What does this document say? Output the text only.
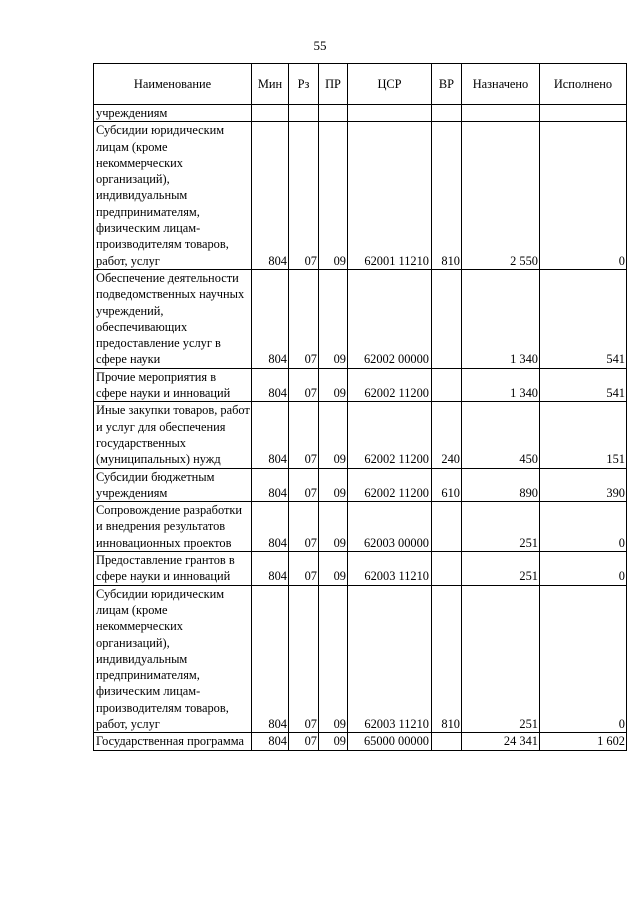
55
Наименование	Мин	Рз	ПР	ЦСР	ВР	Назначено	Исполнено
учреждениям							
Субсидии юридическим лицам (кроме некоммерческих организаций), индивидуальным предпринимателям, физическим лицам-производителям товаров, работ, услуг	804	07	09	62001 11210	810	2 550	0
Обеспечение деятельности подведомственных научных учреждений, обеспечивающих предоставление услуг в сфере науки	804	07	09	62002 00000		1 340	541
Прочие мероприятия в сфере науки и инноваций	804	07	09	62002 11200		1 340	541
Иные закупки товаров, работ и услуг для обеспечения государственных (муниципальных) нужд	804	07	09	62002 11200	240	450	151
Субсидии бюджетным учреждениям	804	07	09	62002 11200	610	890	390
Сопровождение разработки и внедрения результатов инновационных проектов	804	07	09	62003 00000		251	0
Предоставление грантов в сфере науки и инноваций	804	07	09	62003 11210		251	0
Субсидии юридическим лицам (кроме некоммерческих организаций), индивидуальным предпринимателям, физическим лицам-производителям товаров, работ, услуг	804	07	09	62003 11210	810	251	0
Государственная программа	804	07	09	65000 00000		24 341	1 602
